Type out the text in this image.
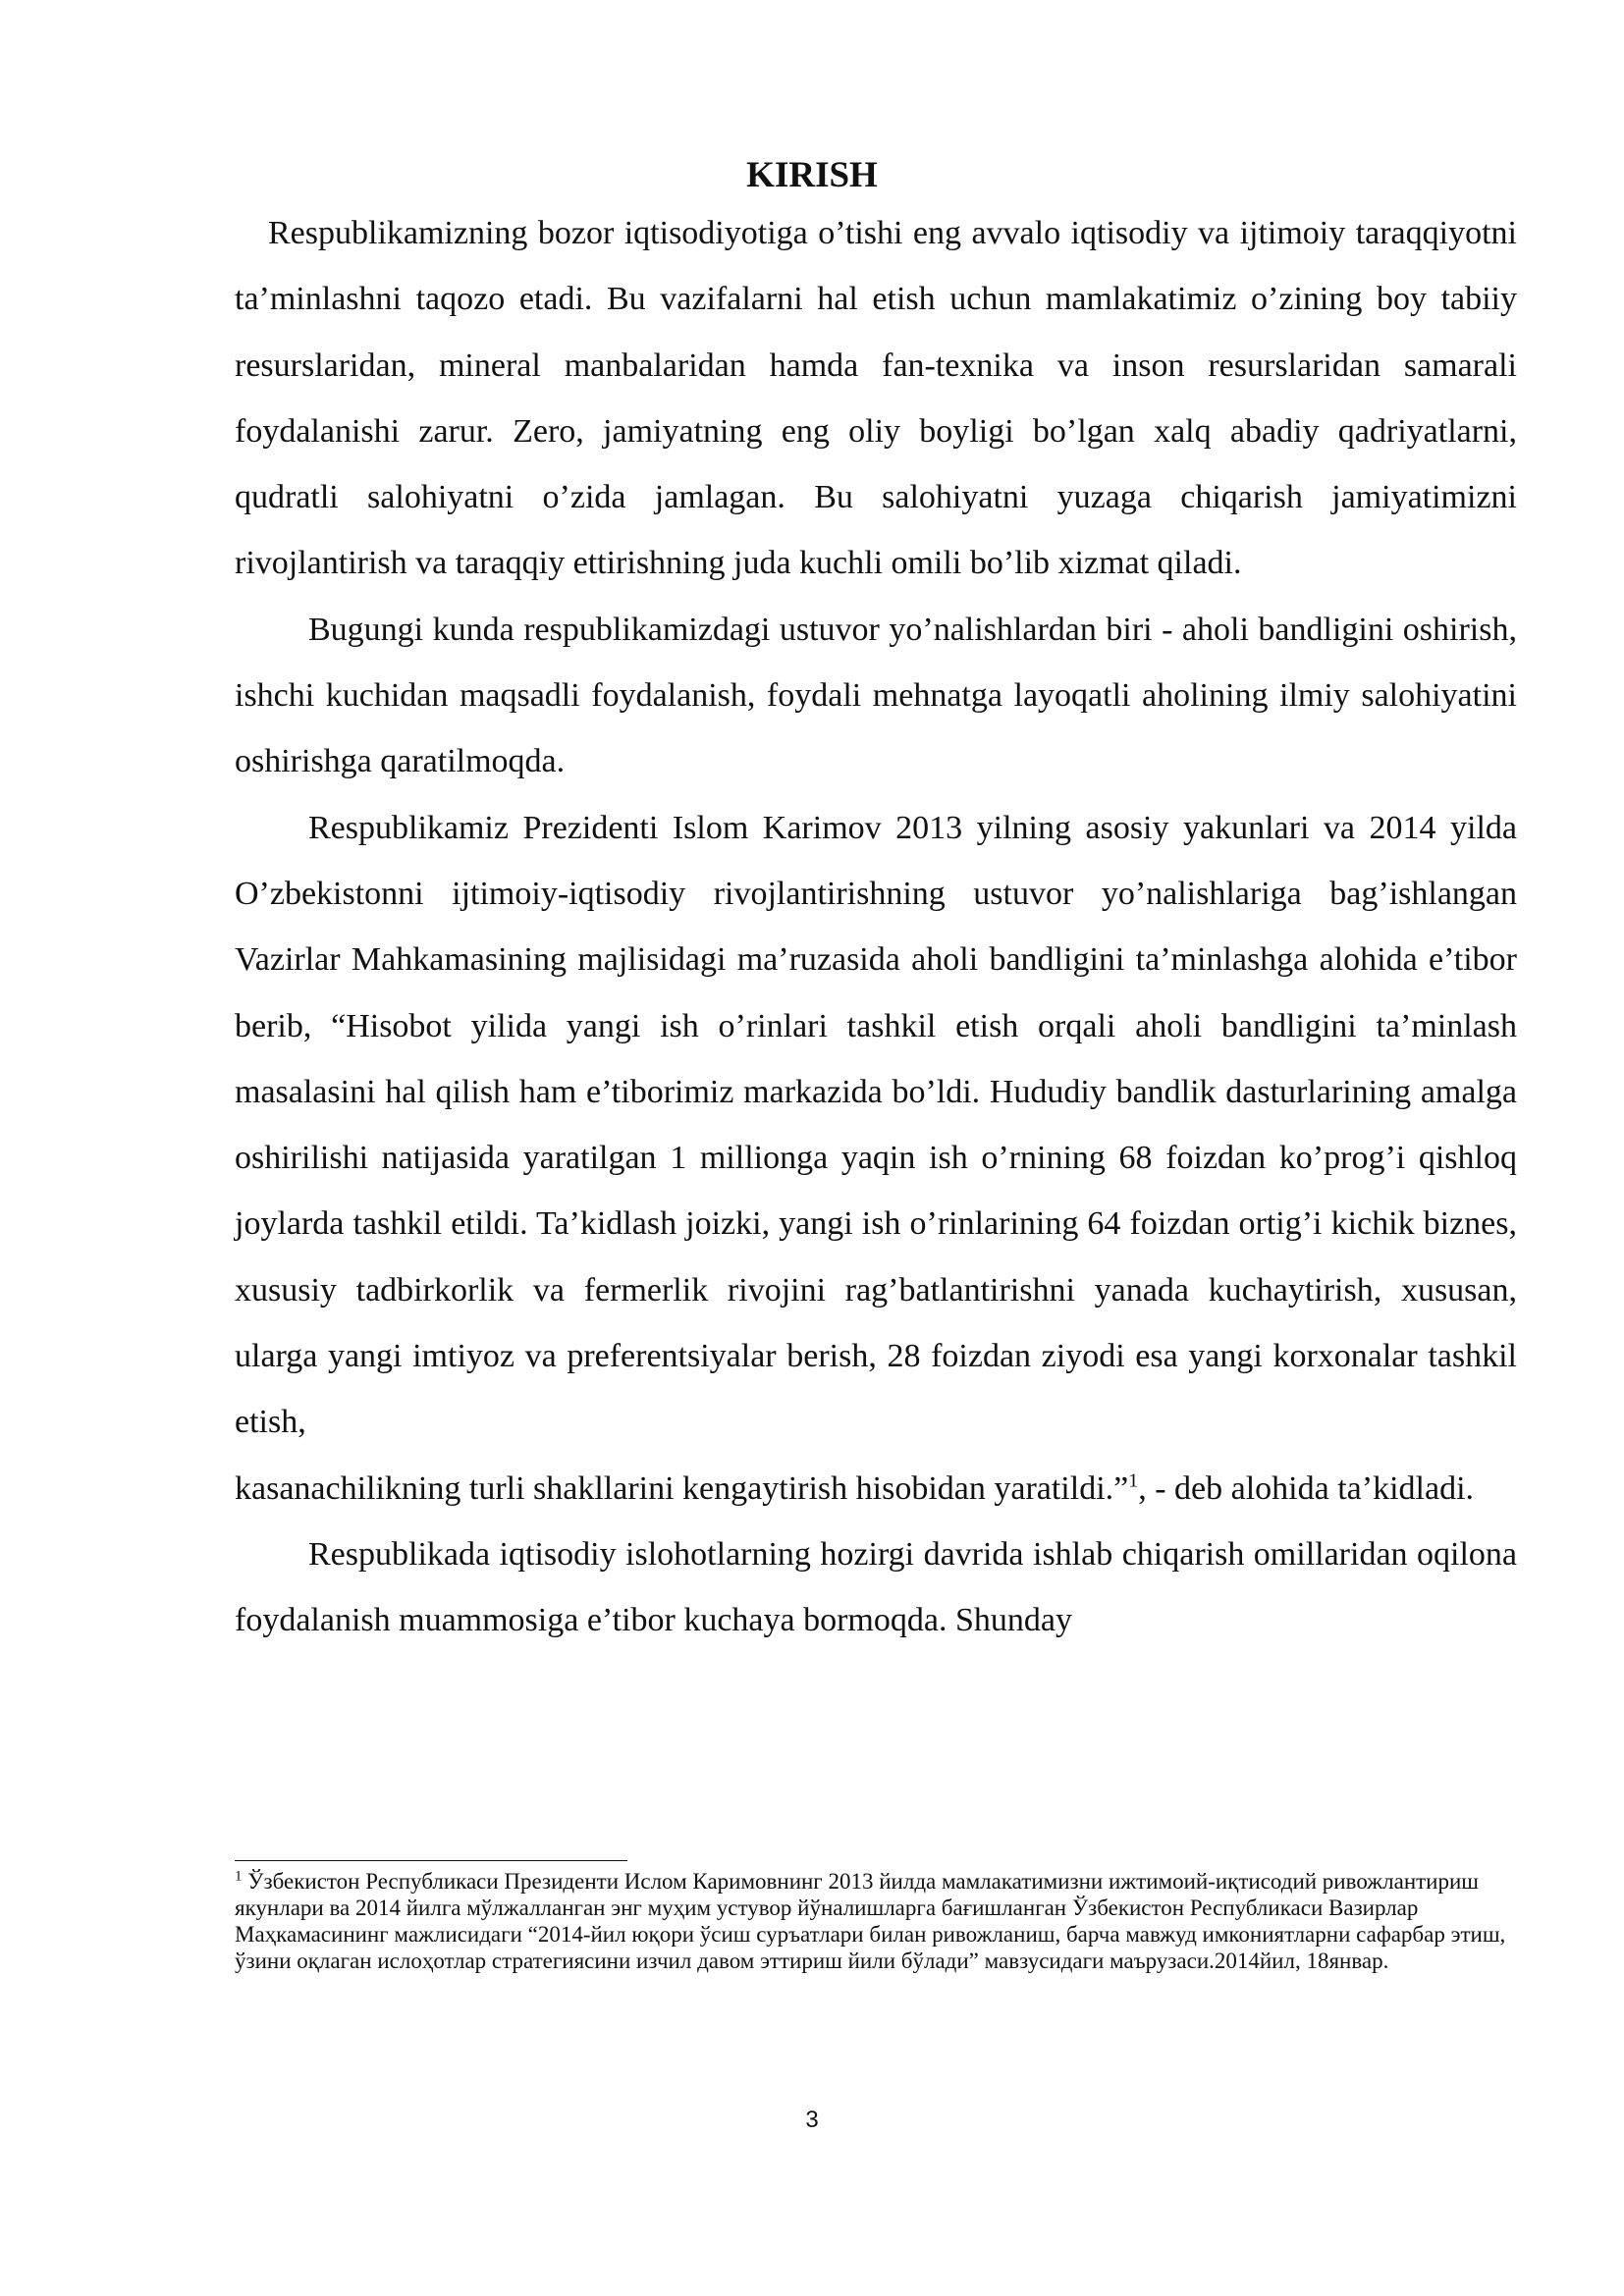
KIRISH

Respublikamizning bozor iqtisodiyotiga o’tishi eng avvalo iqtisodiy va ijtimoiy taraqqiyotni ta’minlashni taqozo etadi. Bu vazifalarni hal etish uchun mamlakatimiz o’zining boy tabiiy resurslaridan, mineral manbalaridan hamda fan-texnika va inson resurslaridan samarali foydalanishi zarur. Zero, jamiyatning eng oliy boyligi bo’lgan xalq abadiy qadriyatlarni, qudratli salohiyatni o’zida jamlagan. Bu salohiyatni yuzaga chiqarish jamiyatimizni rivojlantirish va taraqqiy ettirishning juda kuchli omili bo’lib xizmat qiladi.

Bugungi kunda respublikamizdagi ustuvor yo’nalishlardan biri - aholi bandligini oshirish, ishchi kuchidan maqsadli foydalanish, foydali mehnatga layoqatli aholining ilmiy salohiyatini oshirishga qaratilmoqda.

Respublikamiz Prezidenti Islom Karimov 2013 yilning asosiy yakunlari va 2014 yilda O’zbekistonni ijtimoiy-iqtisodiy rivojlantirishning ustuvor yo’nalishlariga bag’ishlangan Vazirlar Mahkamasining majlisidagi ma’ruzasida aholi bandligini ta’minlashga alohida e’tibor berib, “Hisobot yilida yangi ish o’rinlari tashkil etish orqali aholi bandligini ta’minlash masalasini hal qilish ham e’tiborimiz markazida bo’ldi. Hududiy bandlik dasturlarining amalga oshirilishi natijasida yaratilgan 1 millionga yaqin ish o’rnining 68 foizdan ko’prog’i qishloq joylarda tashkil etildi. Ta’kidlash joizki, yangi ish o’rinlarining 64 foizdan ortig’i kichik biznes, xususiy tadbirkorlik va fermerlik rivojini rag’batlantirishni yanada kuchaytirish, xususan, ularga yangi imtiyoz va preferentsiyalar berish, 28 foizdan ziyodi esa yangi korxonalar tashkil etish,

kasanachilikning turli shakllarini kengaytirish hisobidan yaratildi.”$^1$, - deb alohida ta’kidladi.

Respublikada iqtisodiy islohotlarning hozirgi davrida ishlab chiqarish omillaridan oqilona foydalanish muammosiga e’tibor kuchaya bormoqda. Shunday

$^1$ Ўзбекистон Республикаси Президенти Ислом Каримовнинг 2013 йилда мамлакатимизни ижтимоий-иқтисодий ривожлантириш якунлари ва 2014 йилга мўлжалланган энг муҳим устувор йўналишларга бағишланган Ўзбекистон Республикаси Вазирлар Маҳкамасининг мажлисидаги “2014-йил юқори ўсиш суръатлари билан ривожланиш, барча мавжуд имкониятларни сафарбар этиш, ўзини оқлаган ислоҳотлар стратегиясини изчил давом эттириш йили бўлади” мавзусидаги маърузаси.2014йил, 18январ.

3
